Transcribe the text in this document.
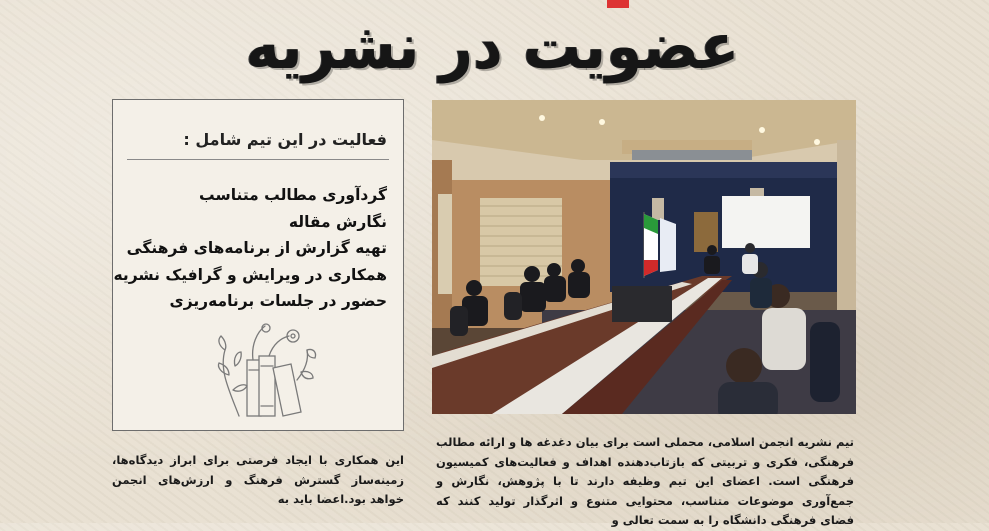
عضویت در نشریه
فعالیت در این تیم شامل :
گردآوری مطالب متناسب
نگارش مقاله
تهیه گزارش از برنامه‌های فرهنگی
همکاری در ویرایش و گرافیک نشریه
حضور در جلسات برنامه‌ریزی

تیم نشریه انجمن اسلامی، محملی است برای بیان دغدغه ها و ارائه مطالب فرهنگی، فکری و تربیتی که بازتاب‌دهنده اهداف و فعالیت‌های کمیسیون فرهنگی است. اعضای این تیم وظیفه دارند تا با پژوهش، نگارش و جمع‌آوری موضوعات متناسب، محتوایی متنوع و اثرگذار تولید کنند که فضای فرهنگی دانشگاه را به سمت تعالی و

این همکاری با ایجاد فرصتی برای ابراز دیدگاه‌ها، زمینه‌ساز گسترش فرهنگ و ارزش‌های انجمن خواهد بود.اعضا باید به
